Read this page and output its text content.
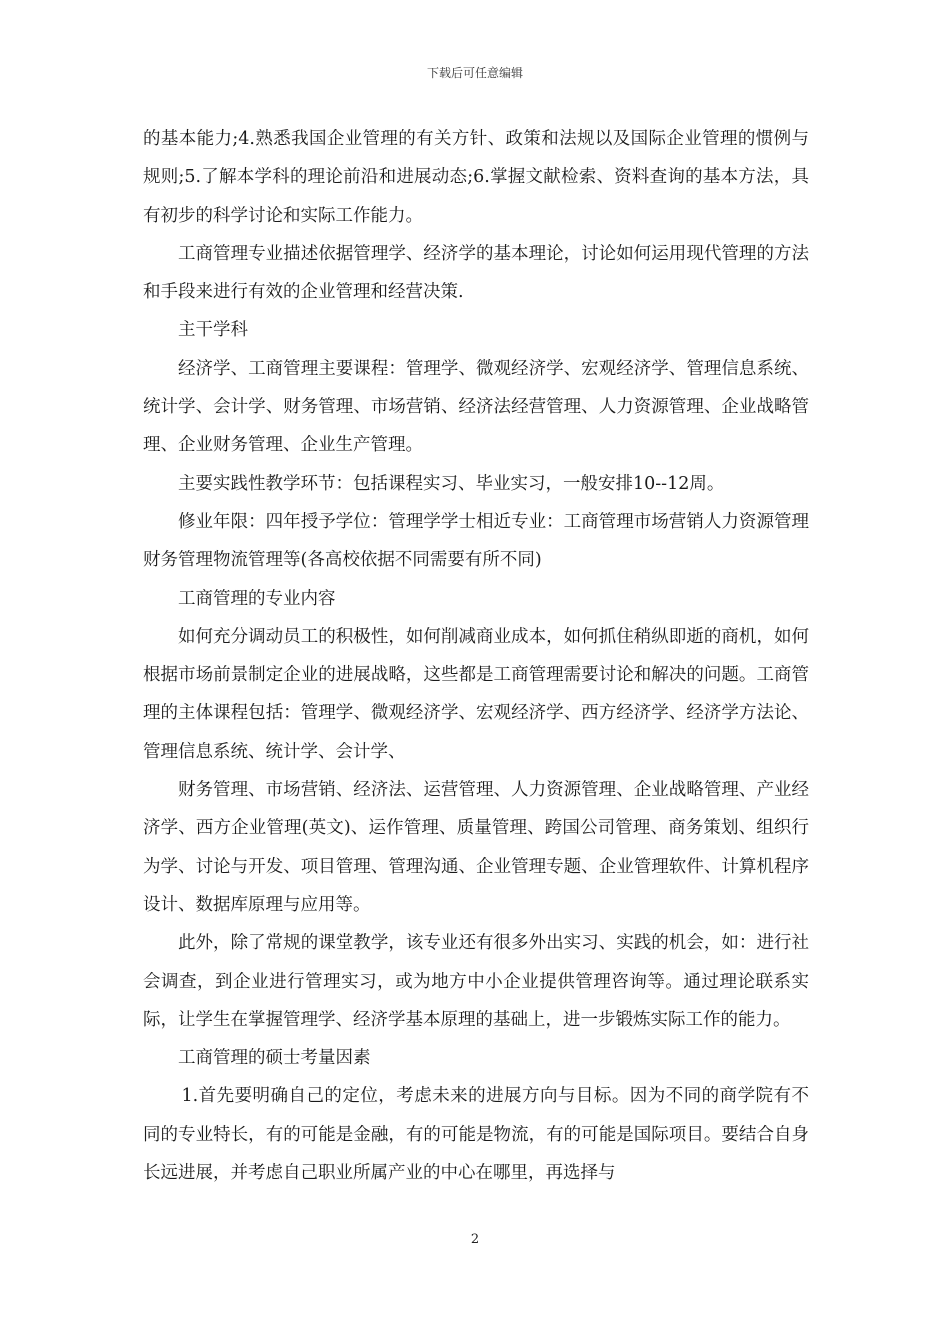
下载后可任意编辑

的基本能力;4.熟悉我国企业管理的有关方针、政策和法规以及国际企业管理的惯例与规则;5.了解本学科的理论前沿和进展动态;6.掌握文献检索、资料查询的基本方法，具有初步的科学讨论和实际工作能力。

工商管理专业描述依据管理学、经济学的基本理论，讨论如何运用现代管理的方法和手段来进行有效的企业管理和经营决策.

主干学科

经济学、工商管理主要课程：管理学、微观经济学、宏观经济学、管理信息系统、统计学、会计学、财务管理、市场营销、经济法经营管理、人力资源管理、企业战略管理、企业财务管理、企业生产管理。

主要实践性教学环节：包括课程实习、毕业实习，一般安排10--12周。

修业年限：四年授予学位：管理学学士相近专业：工商管理市场营销人力资源管理财务管理物流管理等(各高校依据不同需要有所不同)

工商管理的专业内容

如何充分调动员工的积极性，如何削减商业成本，如何抓住稍纵即逝的商机，如何根据市场前景制定企业的进展战略，这些都是工商管理需要讨论和解决的问题。工商管理的主体课程包括：管理学、微观经济学、宏观经济学、西方经济学、经济学方法论、管理信息系统、统计学、会计学、

财务管理、市场营销、经济法、运营管理、人力资源管理、企业战略管理、产业经济学、西方企业管理(英文)、运作管理、质量管理、跨国公司管理、商务策划、组织行为学、讨论与开发、项目管理、管理沟通、企业管理专题、企业管理软件、计算机程序设计、数据库原理与应用等。

此外，除了常规的课堂教学，该专业还有很多外出实习、实践的机会，如：进行社会调查，到企业进行管理实习，或为地方中小企业提供管理咨询等。通过理论联系实际，让学生在掌握管理学、经济学基本原理的基础上，进一步锻炼实际工作的能力。

工商管理的硕士考量因素

1.首先要明确自己的定位，考虑未来的进展方向与目标。因为不同的商学院有不同的专业特长，有的可能是金融，有的可能是物流，有的可能是国际项目。要结合自身长远进展，并考虑自己职业所属产业的中心在哪里，再选择与

2
